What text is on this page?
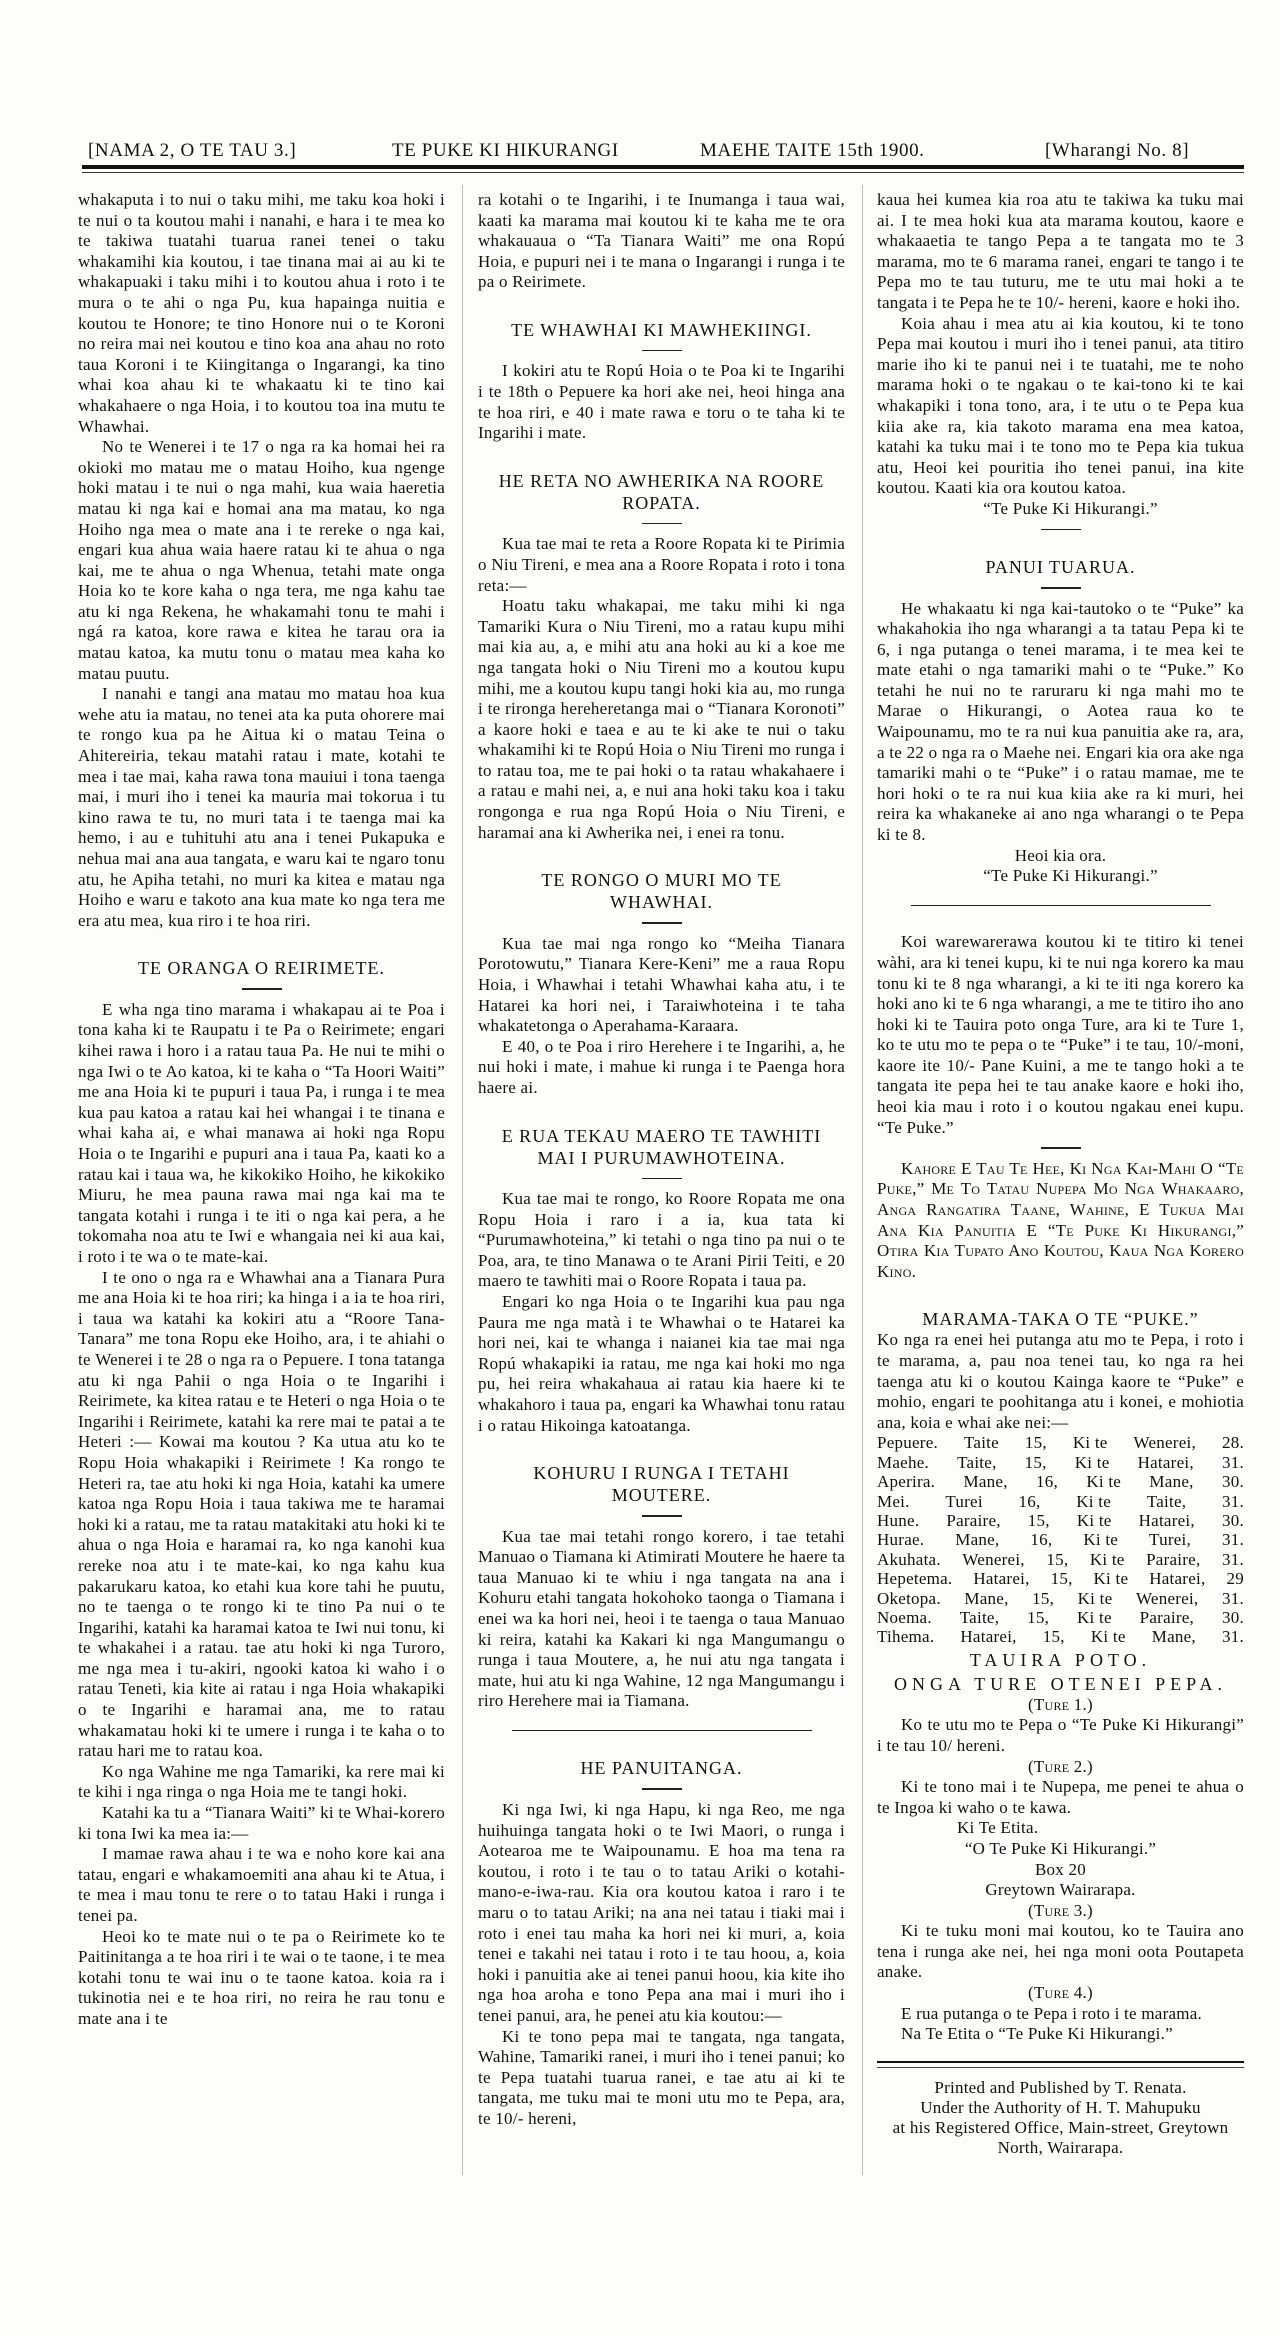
[NAMA 2, O TE TAU 3.]	TE PUKE KI HIKURANGI	MAEHE TAITE 15th 1900.	[Wharangi No. 8]
whakaputa i to nui o taku mihi, me taku koa hoki i te nui o ta koutou mahi i nanahi, e hara i te mea ko te takiwa tuatahi tuarua ranei tenei o taku whakamihi kia koutou, i tae tinana mai ai au ki te whakapuaki i taku mihi i to koutou ahua i roto i te mura o te ahi o nga Pu, kua hapainga nuitia e koutou te Honore; te tino Honore nui o te Koroni no reira mai nei koutou e tino koa ana ahau no roto taua Koroni i te Kiingitanga o Ingarangi, ka tino whai koa ahau ki te whakaatu ki te tino kai whakahaere o nga Hoia, i to koutou toa ina mutu te Whawhai.
No te Wenerei i te 17 o nga ra ka homai hei ra okioki mo matau me o matau Hoiho, kua ngenge hoki matau i te nui o nga mahi, kua waia haeretia matau ki nga kai e homai ana ma matau, ko nga Hoiho nga mea o mate ana i te rereke o nga kai, engari kua ahua waia haere ratau ki te ahua o nga kai, me te ahua o nga Whenua, tetahi mate onga Hoia ko te kore kaha o nga tera, me nga kahu tae atu ki nga Rekena, he whakamahi tonu te mahi i ngá ra katoa, kore rawa e kitea he tarau ora ia matau katoa, ka mutu tonu o matau mea kaha ko matau puutu.
I nanahi e tangi ana matau mo matau hoa kua wehe atu ia matau, no tenei ata ka puta ohorere mai te rongo kua pa he Aitua ki o matau Teina o Ahitereiria, tekau matahi ratau i mate, kotahi te mea i tae mai, kaha rawa tona mauiui i tona taenga mai, i muri iho i tenei ka mauria mai tokorua i tu kino rawa te tu, no muri tata i te taenga mai ka hemo, i au e tuhituhi atu ana i tenei Pukapuka e nehua mai ana aua tangata, e waru kai te ngaro tonu atu, he Apiha tetahi, no muri ka kitea e matau nga Hoiho e waru e takoto ana kua mate ko nga tera me era atu mea, kua riro i te hoa riri.
TE ORANGA O REIRIMETE.
E wha nga tino marama i whakapau ai te Poa i tona kaha ki te Raupatu i te Pa o Reirimete; engari kihei rawa i horo i a ratau taua Pa. He nui te mihi o nga Iwi o te Ao katoa, ki te kaha o “Ta Hoori Waiti” me ana Hoia ki te pupuri i taua Pa, i runga i te mea kua pau katoa a ratau kai hei whangai i te tinana e whai kaha ai, e whai manawa ai hoki nga Ropu Hoia o te Ingarihi e pupuri ana i taua Pa, kaati ko a ratau kai i taua wa, he kikokiko Hoiho, he kikokiko Miuru, he mea pauna rawa mai nga kai ma te tangata kotahi i runga i te iti o nga kai pera, a he tokomaha noa atu te Iwi e whangaia nei ki aua kai, i roto i te wa o te mate-kai.
I te ono o nga ra e Whawhai ana a Tianara Pura me ana Hoia ki te hoa riri; ka hinga i a ia te hoa riri, i taua wa katahi ka kokiri atu a “Roore Tana-Tanara” me tona Ropu eke Hoiho, ara, i te ahiahi o te Wenerei i te 28 o nga ra o Pepuere. I tona tatanga atu ki nga Pahii o nga Hoia o te Ingarihi i Reirimete, ka kitea ratau e te Heteri o nga Hoia o te Ingarihi i Reirimete, katahi ka rere mai te patai a te Heteri :— Kowai ma koutou ? Ka utua atu ko te Ropu Hoia whakapiki i Reirimete ! Ka rongo te Heteri ra, tae atu hoki ki nga Hoia, katahi ka umere katoa nga Ropu Hoia i taua takiwa me te haramai hoki ki a ratau, me ta ratau matakitaki atu hoki ki te ahua o nga Hoia e haramai ra, ko nga kanohi kua rereke noa atu i te mate-kai, ko nga kahu kua pakarukaru katoa, ko etahi kua kore tahi he puutu, no te taenga o te rongo ki te tino Pa nui o te Ingarihi, katahi ka haramai katoa te Iwi nui tonu, ki te whakahei i a ratau. tae atu hoki ki nga Turoro, me nga mea i tu-akiri, ngooki katoa ki waho i o ratau Teneti, kia kite ai ratau i nga Hoia whakapiki o te Ingarihi e haramai ana, me to ratau whakamatau hoki ki te umere i runga i te kaha o to ratau hari me to ratau koa.
Ko nga Wahine me nga Tamariki, ka rere mai ki te kihi i nga ringa o nga Hoia me te tangi hoki.
Katahi ka tu a “Tianara Waiti” ki te Whai-korero ki tona Iwi ka mea ia:—
I mamae rawa ahau i te wa e noho kore kai ana tatau, engari e whakamoemiti ana ahau ki te Atua, i te mea i mau tonu te rere o to tatau Haki i runga i tenei pa.
Heoi ko te mate nui o te pa o Reirimete ko te Paitinitanga a te hoa riri i te wai o te taone, i te mea kotahi tonu te wai inu o te taone katoa. koia ra i tukinotia nei e te hoa riri, no reira he rau tonu e mate ana i te
ra kotahi o te Ingarihi, i te Inumanga i taua wai, kaati ka marama mai koutou ki te kaha me te ora whakauaua o “Ta Tianara Waiti” me ona Ropú Hoia, e pupuri nei i te mana o Ingarangi i runga i te pa o Reirimete.
TE WHAWHAI KI MAWHEKIINGI.
I kokiri atu te Ropú Hoia o te Poa ki te Ingarihi i te 18th o Pepuere ka hori ake nei, heoi hinga ana te hoa riri, e 40 i mate rawa e toru o te taha ki te Ingarihi i mate.
HE RETA NO AWHERIKA NA ROORE ROPATA.
Kua tae mai te reta a Roore Ropata ki te Pirimia o Niu Tireni, e mea ana a Roore Ropata i roto i tona reta:—
Hoatu taku whakapai, me taku mihi ki nga Tamariki Kura o Niu Tireni, mo a ratau kupu mihi mai kia au, a, e mihi atu ana hoki au ki a koe me nga tangata hoki o Niu Tireni mo a koutou kupu mihi, me a koutou kupu tangi hoki kia au, mo runga i te rironga hereheretanga mai o “Tianara Koronoti” a kaore hoki e taea e au te ki ake te nui o taku whakamihi ki te Ropú Hoia o Niu Tireni mo runga i to ratau toa, me te pai hoki o ta ratau whakahaere i a ratau e mahi nei, a, e nui ana hoki taku koa i taku rongonga e rua nga Ropú Hoia o Niu Tireni, e haramai ana ki Awherika nei, i enei ra tonu.
TE RONGO O MURI MO TE WHAWHAI.
Kua tae mai nga rongo ko “Meiha Tianara Porotowutu,” Tianara Kere-Keni” me a raua Ropu Hoia, i Whawhai i tetahi Whawhai kaha atu, i te Hatarei ka hori nei, i Taraiwhoteina i te taha whakatetonga o Aperahama-Karaara.
E 40, o te Poa i riro Herehere i te Ingarihi, a, he nui hoki i mate, i mahue ki runga i te Paenga hora haere ai.
E RUA TEKAU MAERO TE TAWHITI MAI I PURUMAWHOTEINA.
Kua tae mai te rongo, ko Roore Ropata me ona Ropu Hoia i raro i a ia, kua tata ki “Purumawhoteina,” ki tetahi o nga tino pa nui o te Poa, ara, te tino Manawa o te Arani Pirii Teiti, e 20 maero te tawhiti mai o Roore Ropata i taua pa.
Engari ko nga Hoia o te Ingarihi kua pau nga Paura me nga matà i te Whawhai o te Hatarei ka hori nei, kai te whanga i naianei kia tae mai nga Ropú whakapiki ia ratau, me nga kai hoki mo nga pu, hei reira whakahaua ai ratau kia haere ki te whakahoro i taua pa, engari ka Whawhai tonu ratau i o ratau Hikoinga katoatanga.
KOHURU I RUNGA I TETAHI MOUTERE.
Kua tae mai tetahi rongo korero, i tae tetahi Manuao o Tiamana ki Atimirati Moutere he haere ta taua Manuao ki te whiu i nga tangata na ana i Kohuru etahi tangata hokohoko taonga o Tiamana i enei wa ka hori nei, heoi i te taenga o taua Manuao ki reira, katahi ka Kakari ki nga Mangumangu o runga i taua Moutere, a, he nui atu nga tangata i mate, hui atu ki nga Wahine, 12 nga Mangumangu i riro Herehere mai ia Tiamana.
HE PANUITANGA.
Ki nga Iwi, ki nga Hapu, ki nga Reo, me nga huihuinga tangata hoki o te Iwi Maori, o runga i Aotearoa me te Waipounamu. E hoa ma tena ra koutou, i roto i te tau o to tatau Ariki o kotahi-mano-e-iwa-rau. Kia ora koutou katoa i raro i te maru o to tatau Ariki; na ana nei tatau i tiaki mai i roto i enei tau maha ka hori nei ki muri, a, koia tenei e takahi nei tatau i roto i te tau hoou, a, koia hoki i panuitia ake ai tenei panui hoou, kia kite iho nga hoa aroha e tono Pepa ana mai i muri iho i tenei panui, ara, he penei atu kia koutou:—
Ki te tono pepa mai te tangata, nga tangata, Wahine, Tamariki ranei, i muri iho i tenei panui; ko te Pepa tuatahi tuarua ranei, e tae atu ai ki te tangata, me tuku mai te moni utu mo te Pepa, ara, te 10/- hereni,
kaua hei kumea kia roa atu te takiwa ka tuku mai ai. I te mea hoki kua ata marama koutou, kaore e whakaaetia te tango Pepa a te tangata mo te 3 marama, mo te 6 marama ranei, engari te tango i te Pepa mo te tau tuturu, me te utu mai hoki a te tangata i te Pepa he te 10/- hereni, kaore e hoki iho.
Koia ahau i mea atu ai kia koutou, ki te tono Pepa mai koutou i muri iho i tenei panui, ata titiro marie iho ki te panui nei i te tuatahi, me te noho marama hoki o te ngakau o te kai-tono ki te kai whakapiki i tona tono, ara, i te utu o te Pepa kua kiia ake ra, kia takoto marama ena mea katoa, katahi ka tuku mai i te tono mo te Pepa kia tukua atu, Heoi kei pouritia iho tenei panui, ina kite koutou. Kaati kia ora koutou katoa.
“Te Puke Ki Hikurangi.”
PANUI TUARUA.
He whakaatu ki nga kai-tautoko o te “Puke” ka whakahokia iho nga wharangi a ta tatau Pepa ki te 6, i nga putanga o tenei marama, i te mea kei te mate etahi o nga tamariki mahi o te “Puke.” Ko tetahi he nui no te raruraru ki nga mahi mo te Marae o Hikurangi, o Aotea raua ko te Waipounamu, mo te ra nui kua panuitia ake ra, ara, a te 22 o nga ra o Maehe nei. Engari kia ora ake nga tamariki mahi o te “Puke” i o ratau mamae, me te hori hoki o te ra nui kua kiia ake ra ki muri, hei reira ka whakaneke ai ano nga wharangi o te Pepa ki te 8.
Heoi kia ora.
“Te Puke Ki Hikurangi.”
Koi warewarerawa koutou ki te titiro ki tenei wàhi, ara ki tenei kupu, ki te nui nga korero ka mau tonu ki te 8 nga wharangi, a ki te iti nga korero ka hoki ano ki te 6 nga wharangi, a me te titiro iho ano hoki ki te Tauira poto onga Ture, ara ki te Ture 1, ko te utu mo te pepa o te “Puke” i te tau, 10/-moni, kaore ite 10/- Pane Kuini, a me te tango hoki a te tangata ite pepa hei te tau anake kaore e hoki iho, heoi kia mau i roto i o koutou ngakau enei kupu. “Te Puke.”
Kahore E Tau Te Hee, Ki Nga Kai-Mahi O “Te Puke,” Me To Tatau Nupepa Mo Nga Whakaaro, Anga Rangatira Taane, Wahine, E Tukua Mai Ana Kia Panuitia E “Te Puke Ki Hikurangi,” Otira Kia Tupato Ano Koutou, Kaua Nga Korero Kino.
MARAMA-TAKA O TE “PUKE.”
Ko nga ra enei hei putanga atu mo te Pepa, i roto i te marama, a, pau noa tenei tau, ko nga ra hei taenga atu ki o koutou Kainga kaore te “Puke” e mohio, engari te poohitanga atu i konei, e mohiotia ana, koia e whai ake nei:—
Pepuere. Taite 15, Ki te Wenerei, 28.
Maehe. Taite, 15, Ki te Hatarei, 31.
Aperira. Mane, 16, Ki te Mane, 30.
Mei. Turei 16, Ki te Taite, 31.
Hune. Paraire, 15, Ki te Hatarei, 30.
Hurae. Mane, 16, Ki te Turei, 31.
Akuhata. Wenerei, 15, Ki te Paraire, 31.
Hepetema. Hatarei, 15, Ki te Hatarei, 29
Oketopa. Mane, 15, Ki te Wenerei, 31.
Noema. Taite, 15, Ki te Paraire, 30.
Tihema. Hatarei, 15, Ki te Mane, 31.
TAUIRA POTO.
ONGA TURE OTENEI PEPA.
(Ture 1.)
Ko te utu mo te Pepa o “Te Puke Ki Hikurangi” i te tau 10/ hereni.
(Ture 2.)
Ki te tono mai i te Nupepa, me penei te ahua o te Ingoa ki waho o te kawa.
Ki Te Etita.
“O Te Puke Ki Hikurangi.”
Box 20
Greytown Wairarapa.
(Ture 3.)
Ki te tuku moni mai koutou, ko te Tauira ano tena i runga ake nei, hei nga moni oota Poutapeta anake.
(Ture 4.)
E rua putanga o te Pepa i roto i te marama.
Na Te Etita o “Te Puke Ki Hikurangi.”
Printed and Published by T. Renata.
Under the Authority of H. T. Mahupuku
at his Registered Office, Main-street, Greytown North, Wairarapa.
